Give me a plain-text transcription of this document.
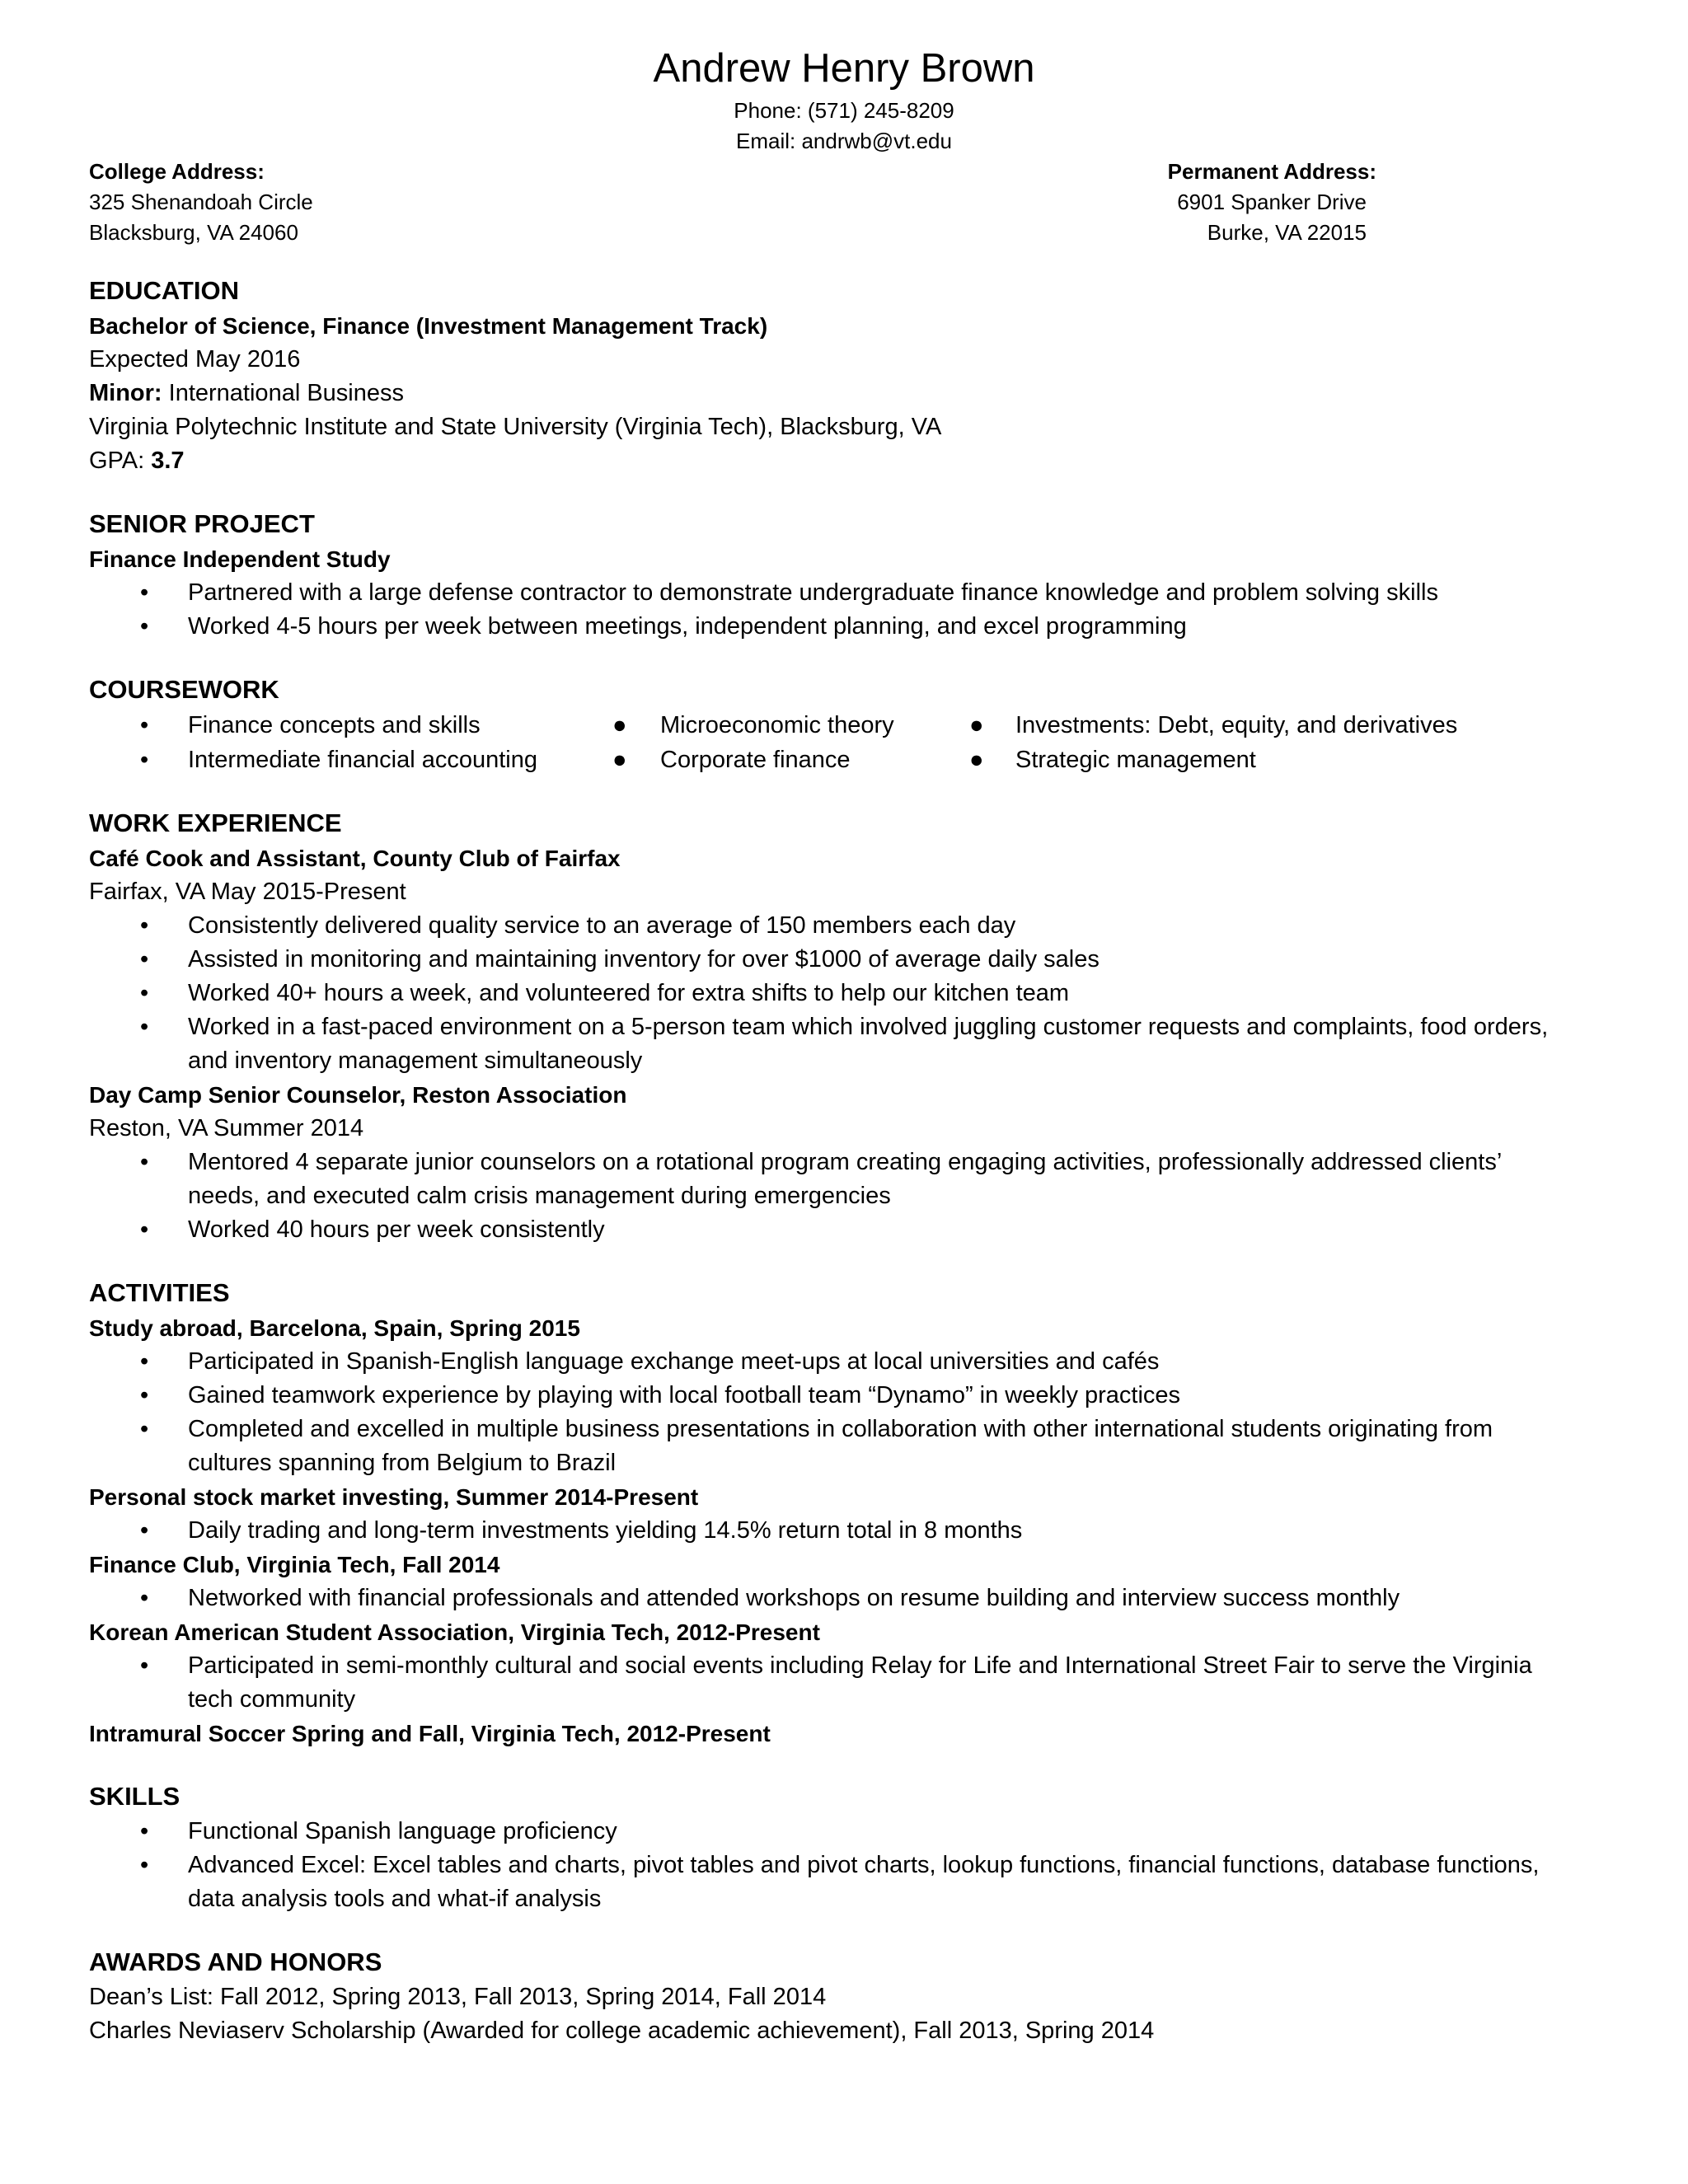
Andrew Henry Brown
Phone: (571) 245-8209
Email: andrwb@vt.edu
College Address:
325 Shenandoah Circle
Blacksburg, VA 24060
Permanent Address:
6901 Spanker Drive
Burke, VA 22015
EDUCATION
Bachelor of Science, Finance (Investment Management Track)
Expected May 2016
Minor: International Business
Virginia Polytechnic Institute and State University (Virginia Tech), Blacksburg, VA
GPA: 3.7
SENIOR PROJECT
Finance Independent Study
• Partnered with a large defense contractor to demonstrate undergraduate finance knowledge and problem solving skills
• Worked 4-5 hours per week between meetings, independent planning, and excel programming
COURSEWORK
• Finance concepts and skills	● Microeconomic theory	● Investments: Debt, equity, and derivatives
• Intermediate financial accounting	● Corporate finance	● Strategic management
WORK EXPERIENCE
Café Cook and Assistant, County Club of Fairfax
Fairfax, VA May 2015-Present
• Consistently delivered quality service to an average of 150 members each day
• Assisted in monitoring and maintaining inventory for over $1000 of average daily sales
• Worked 40+ hours a week, and volunteered for extra shifts to help our kitchen team
• Worked in a fast-paced environment on a 5-person team which involved juggling customer requests and complaints, food orders, and inventory management simultaneously
Day Camp Senior Counselor, Reston Association
Reston, VA Summer 2014
• Mentored 4 separate junior counselors on a rotational program creating engaging activities, professionally addressed clients’ needs, and executed calm crisis management during emergencies
• Worked 40 hours per week consistently
ACTIVITIES
Study abroad, Barcelona, Spain, Spring 2015
• Participated in Spanish-English language exchange meet-ups at local universities and cafés
• Gained teamwork experience by playing with local football team “Dynamo” in weekly practices
• Completed and excelled in multiple business presentations in collaboration with other international students originating from cultures spanning from Belgium to Brazil
Personal stock market investing, Summer 2014-Present
• Daily trading and long-term investments yielding 14.5% return total in 8 months
Finance Club, Virginia Tech, Fall 2014
• Networked with financial professionals and attended workshops on resume building and interview success monthly
Korean American Student Association, Virginia Tech, 2012-Present
• Participated in semi-monthly cultural and social events including Relay for Life and International Street Fair to serve the Virginia tech community
Intramural Soccer Spring and Fall, Virginia Tech, 2012-Present
SKILLS
• Functional Spanish language proficiency
• Advanced Excel: Excel tables and charts, pivot tables and pivot charts, lookup functions, financial functions, database functions, data analysis tools and what-if analysis
AWARDS AND HONORS
Dean’s List: Fall 2012, Spring 2013, Fall 2013, Spring 2014, Fall 2014
Charles Neviaserv Scholarship (Awarded for college academic achievement), Fall 2013, Spring 2014
